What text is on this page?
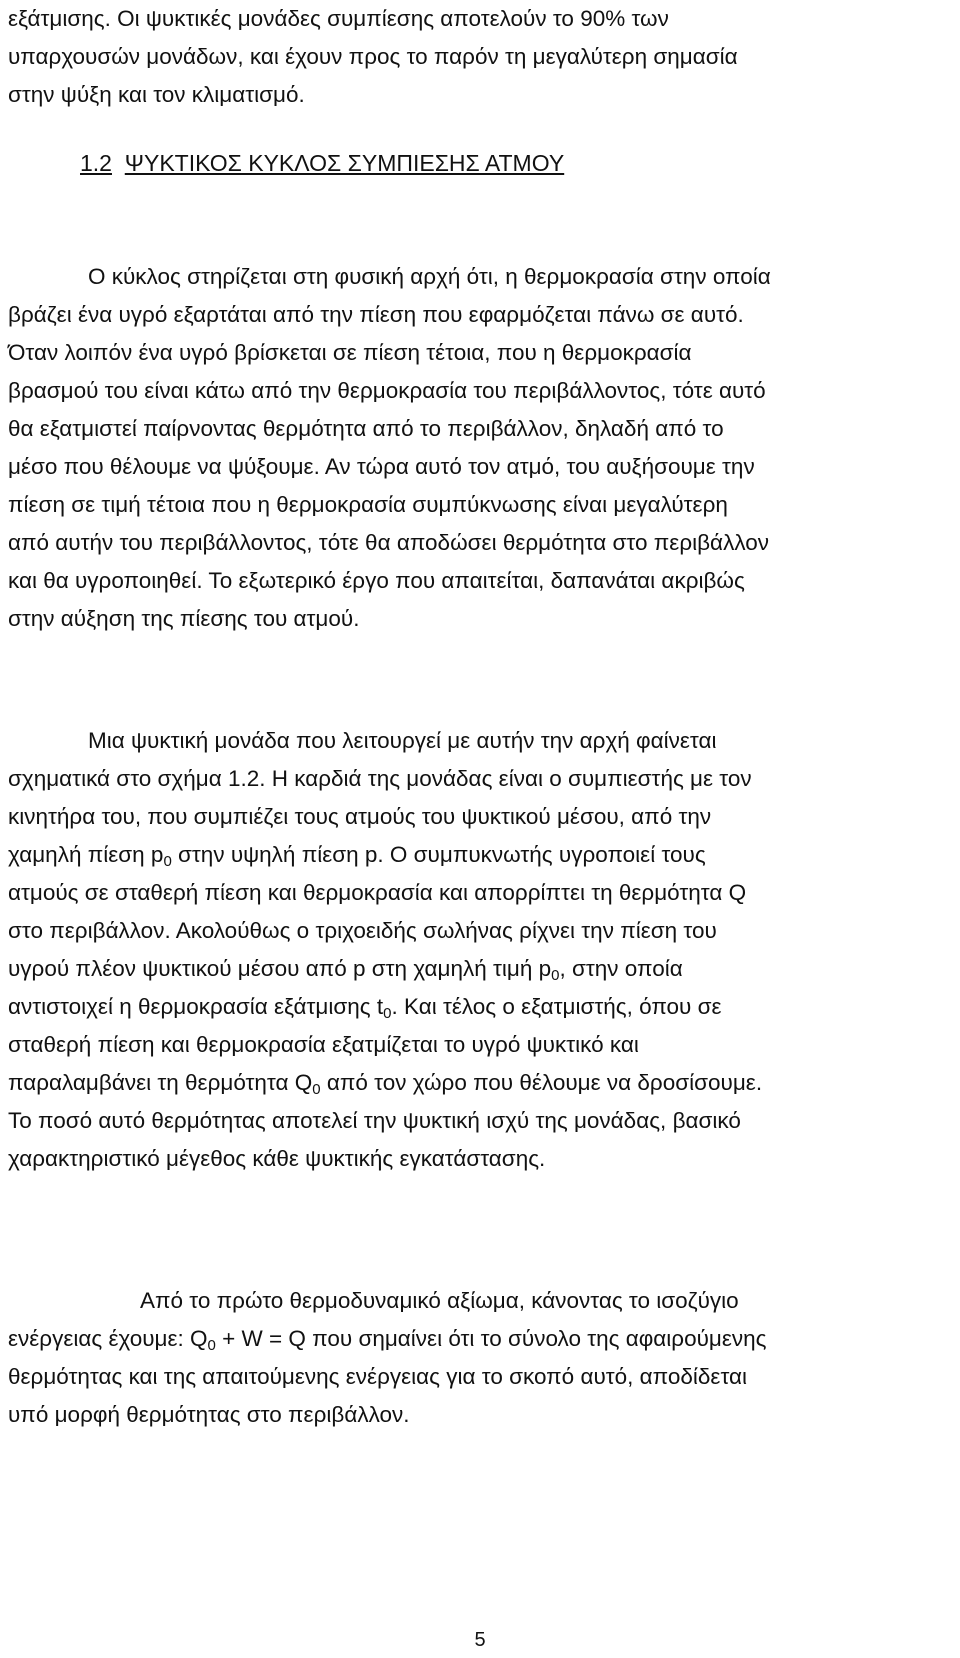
εξάτμισης. Οι ψυκτικές μονάδες συμπίεσης αποτελούν το 90% των
υπαρχουσών μονάδων, και έχουν προς το παρόν τη μεγαλύτερη σημασία
στην ψύξη και τον κλιματισμό.
1.2 ΨΥΚΤΙΚΟΣ ΚΥΚΛΟΣ ΣΥΜΠΙΕΣΗΣ ΑΤΜΟΥ
Ο κύκλος στηρίζεται στη φυσική αρχή ότι, η θερμοκρασία στην οποία
βράζει ένα υγρό εξαρτάται από την πίεση που εφαρμόζεται πάνω σε αυτό.
Όταν λοιπόν ένα υγρό βρίσκεται σε πίεση τέτοια, που η θερμοκρασία
βρασμού του είναι κάτω από την θερμοκρασία του περιβάλλοντος, τότε αυτό
θα εξατμιστεί παίρνοντας θερμότητα από το περιβάλλον, δηλαδή από το
μέσο που θέλουμε να ψύξουμε. Αν τώρα αυτό τον ατμό, του αυξήσουμε την
πίεση σε τιμή τέτοια που η θερμοκρασία συμπύκνωσης είναι μεγαλύτερη
από αυτήν του περιβάλλοντος, τότε θα αποδώσει θερμότητα στο περιβάλλον
και θα υγροποιηθεί. Το εξωτερικό έργο που απαιτείται, δαπανάται ακριβώς
στην αύξηση της πίεσης του ατμού.
Μια ψυκτική μονάδα που λειτουργεί με αυτήν την αρχή φαίνεται
σχηματικά στο σχήμα 1.2. Η καρδιά της μονάδας είναι ο συμπιεστής με τον
κινητήρα του, που συμπιέζει τους ατμούς του ψυκτικού μέσου, από την
χαμηλή πίεση $p_0$ στην υψηλή πίεση p. Ο συμπυκνωτής υγροποιεί τους
ατμούς σε σταθερή πίεση και θερμοκρασία και απορρίπτει τη θερμότητα Q
στο περιβάλλον. Ακολούθως ο τριχοειδής σωλήνας ρίχνει την πίεση του
υγρού πλέον ψυκτικού μέσου από p στη χαμηλή τιμή $p_0$, στην οποία
αντιστοιχεί η θερμοκρασία εξάτμισης $t_0$. Και τέλος ο εξατμιστής, όπου σε
σταθερή πίεση και θερμοκρασία εξατμίζεται το υγρό ψυκτικό και
παραλαμβάνει τη θερμότητα $Q_0$ από τον χώρο που θέλουμε να δροσίσουμε.
Το ποσό αυτό θερμότητας αποτελεί την ψυκτική ισχύ της μονάδας, βασικό
χαρακτηριστικό μέγεθος κάθε ψυκτικής εγκατάστασης.
Από το πρώτο θερμοδυναμικό αξίωμα, κάνοντας το ισοζύγιο
ενέργειας έχουμε: $Q_0 + W = Q$ που σημαίνει ότι το σύνολο της αφαιρούμενης
θερμότητας και της απαιτούμενης ενέργειας για το σκοπό αυτό, αποδίδεται
υπό μορφή θερμότητας στο περιβάλλον.
5
